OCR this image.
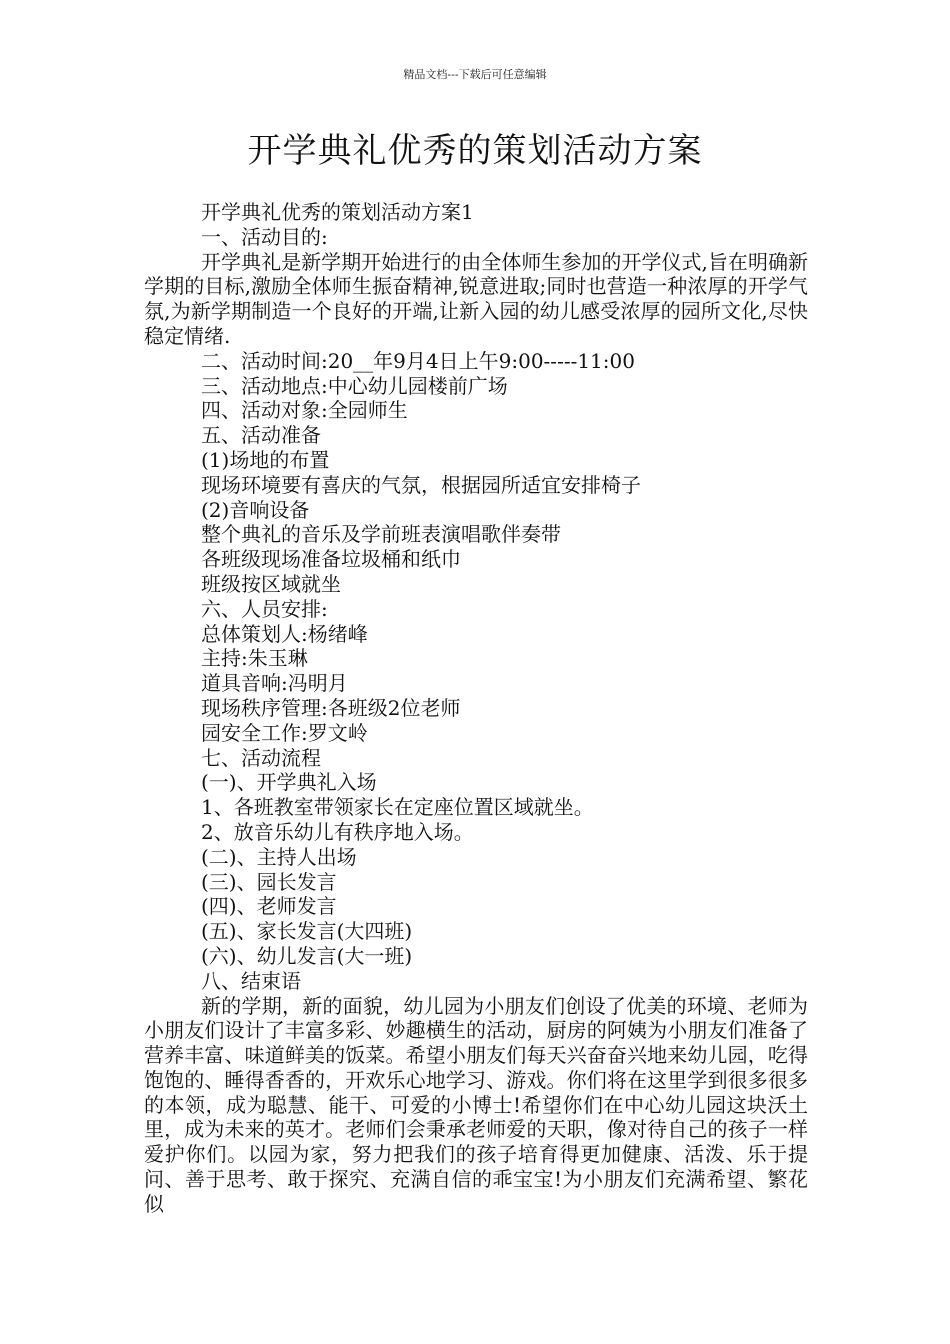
精品文档---下载后可任意编辑
开学典礼优秀的策划活动方案

开学典礼优秀的策划活动方案1

一、活动目的:

开学典礼是新学期开始进行的由全体师生参加的开学仪式,旨在明确新学期的目标,激励全体师生振奋精神,锐意进取;同时也营造一种浓厚的开学气氛,为新学期制造一个良好的开端,让新入园的幼儿感受浓厚的园所文化,尽快稳定情绪.

二、活动时间:20__年9月4日上午9:00-----11:00

三、活动地点:中心幼儿园楼前广场

四、活动对象:全园师生

五、活动准备

(1)场地的布置

现场环境要有喜庆的气氛，根据园所适宜安排椅子

(2)音响设备

整个典礼的音乐及学前班表演唱歌伴奏带

各班级现场准备垃圾桶和纸巾

班级按区域就坐

六、人员安排:

总体策划人:杨绪峰

主持:朱玉琳

道具音响:冯明月

现场秩序管理:各班级2位老师

园安全工作:罗文岭

七、活动流程

(一)、开学典礼入场

1、各班教室带领家长在定座位置区域就坐。

2、放音乐幼儿有秩序地入场。

(二)、主持人出场

(三)、园长发言

(四)、老师发言

(五)、家长发言(大四班)

(六)、幼儿发言(大一班)

八、结束语

新的学期，新的面貌，幼儿园为小朋友们创设了优美的环境、老师为小朋友们设计了丰富多彩、妙趣横生的活动，厨房的阿姨为小朋友们准备了营养丰富、味道鲜美的饭菜。希望小朋友们每天兴奋奋兴地来幼儿园，吃得饱饱的、睡得香香的，开欢乐心地学习、游戏。你们将在这里学到很多很多的本领，成为聪慧、能干、可爱的小博士!希望你们在中心幼儿园这块沃土里，成为未来的英才。老师们会秉承老师爱的天职，像对待自己的孩子一样爱护你们。以园为家，努力把我们的孩子培育得更加健康、活泼、乐于提问、善于思考、敢于探究、充满自信的乖宝宝!为小朋友们充满希望、繁花似
